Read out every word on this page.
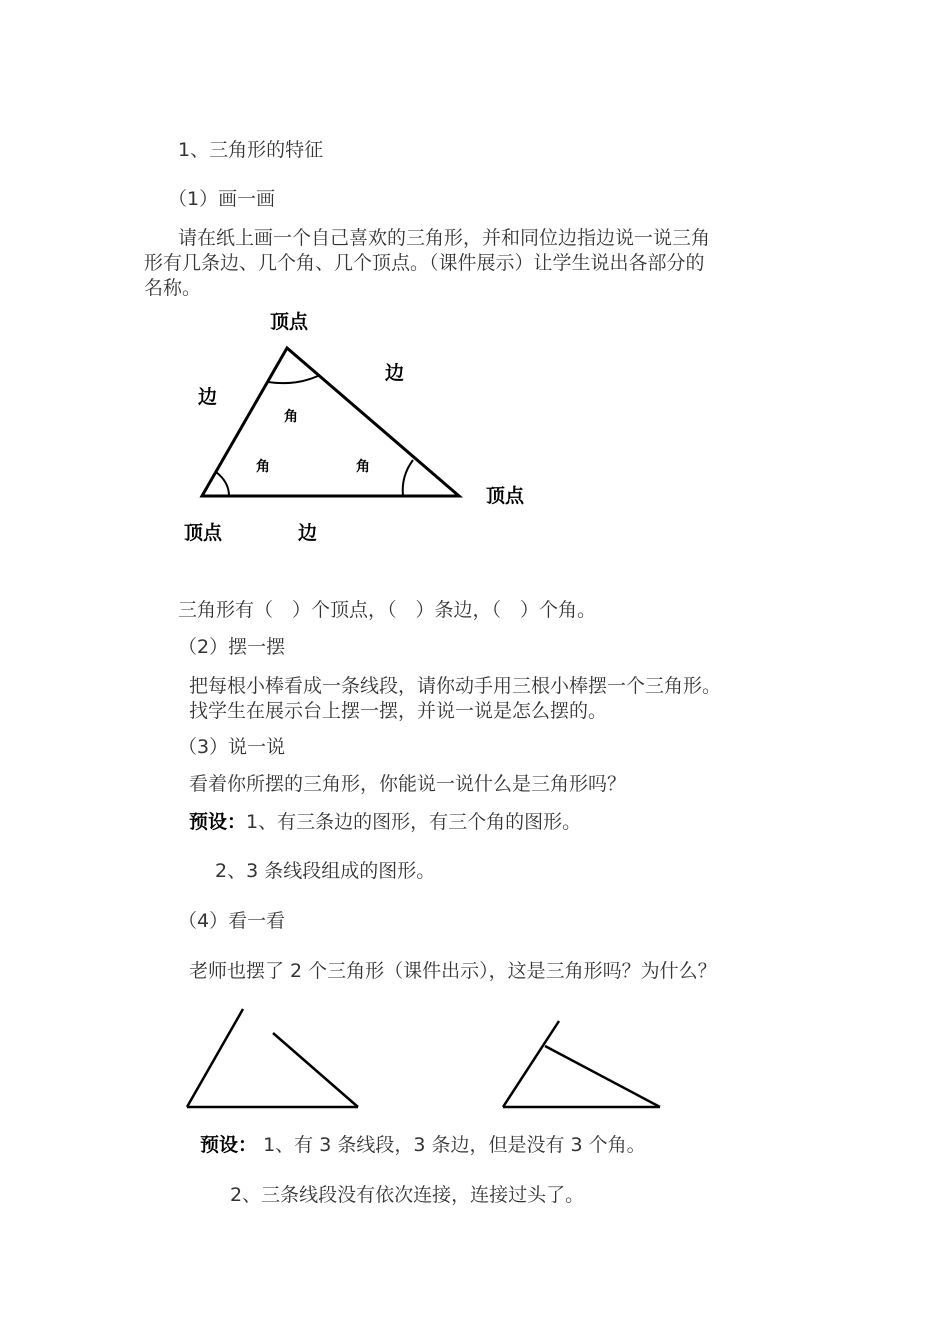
1、三角形的特征
（1）画一画
请在纸上画一个自己喜欢的三角形，并和同位边指边说一说三角
形有几条边、几个角、几个顶点。（课件展示）让学生说出各部分的
名称。
顶点
边
边
角
角	角
顶点
顶点	边
三角形有（　）个顶点，（　）条边，（　）个角。
（2）摆一摆
把每根小棒看成一条线段，请你动手用三根小棒摆一个三角形。
找学生在展示台上摆一摆，并说一说是怎么摆的。
（3）说一说
看着你所摆的三角形，你能说一说什么是三角形吗？
预设：1、有三条边的图形，有三个角的图形。
2、3 条线段组成的图形。
（4）看一看
老师也摆了 2 个三角形（课件出示），这是三角形吗？为什么？
预设： 1、有 3 条线段，3 条边，但是没有 3 个角。
2、三条线段没有依次连接，连接过头了。
